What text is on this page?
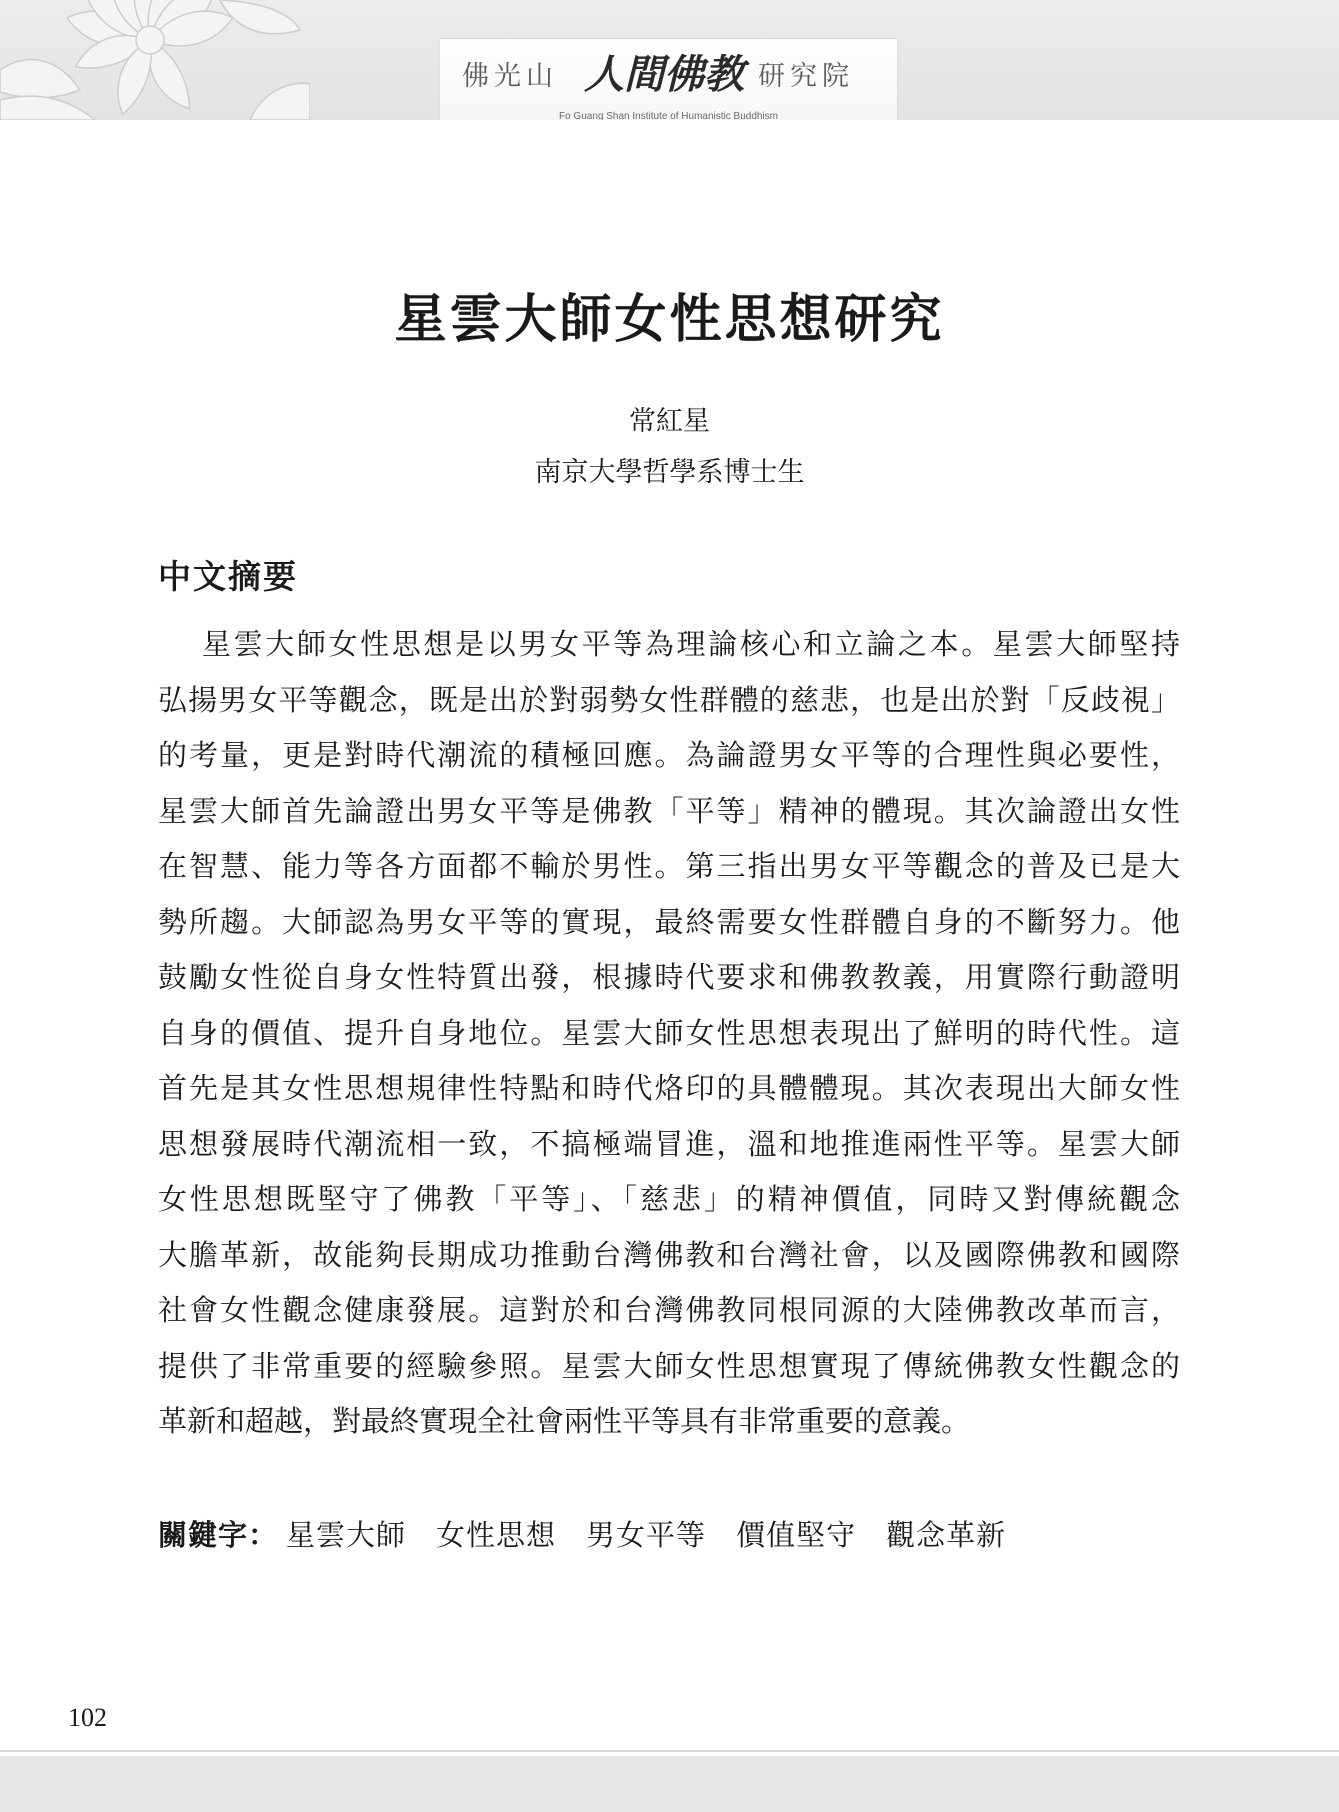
佛光山 人間佛教 研究院
Fo Guang Shan Institute of Humanistic Buddhism
星雲大師女性思想研究
常紅星
南京大學哲學系博士生
中文摘要
星雲大師女性思想是以男女平等為理論核心和立論之本。星雲大師堅持
弘揚男女平等觀念，既是出於對弱勢女性群體的慈悲，也是出於對「反歧視」
的考量，更是對時代潮流的積極回應。為論證男女平等的合理性與必要性，
星雲大師首先論證出男女平等是佛教「平等」精神的體現。其次論證出女性
在智慧、能力等各方面都不輸於男性。第三指出男女平等觀念的普及已是大
勢所趨。大師認為男女平等的實現，最終需要女性群體自身的不斷努力。他
鼓勵女性從自身女性特質出發，根據時代要求和佛教教義，用實際行動證明
自身的價值、提升自身地位。星雲大師女性思想表現出了鮮明的時代性。這
首先是其女性思想規律性特點和時代烙印的具體體現。其次表現出大師女性
思想發展時代潮流相一致，不搞極端冒進，溫和地推進兩性平等。星雲大師
女性思想既堅守了佛教「平等」、「慈悲」的精神價值，同時又對傳統觀念
大膽革新，故能夠長期成功推動台灣佛教和台灣社會，以及國際佛教和國際
社會女性觀念健康發展。這對於和台灣佛教同根同源的大陸佛教改革而言，
提供了非常重要的經驗參照。星雲大師女性思想實現了傳統佛教女性觀念的
革新和超越，對最終實現全社會兩性平等具有非常重要的意義。
關鍵字： 星雲大師 女性思想 男女平等 價值堅守 觀念革新
102
